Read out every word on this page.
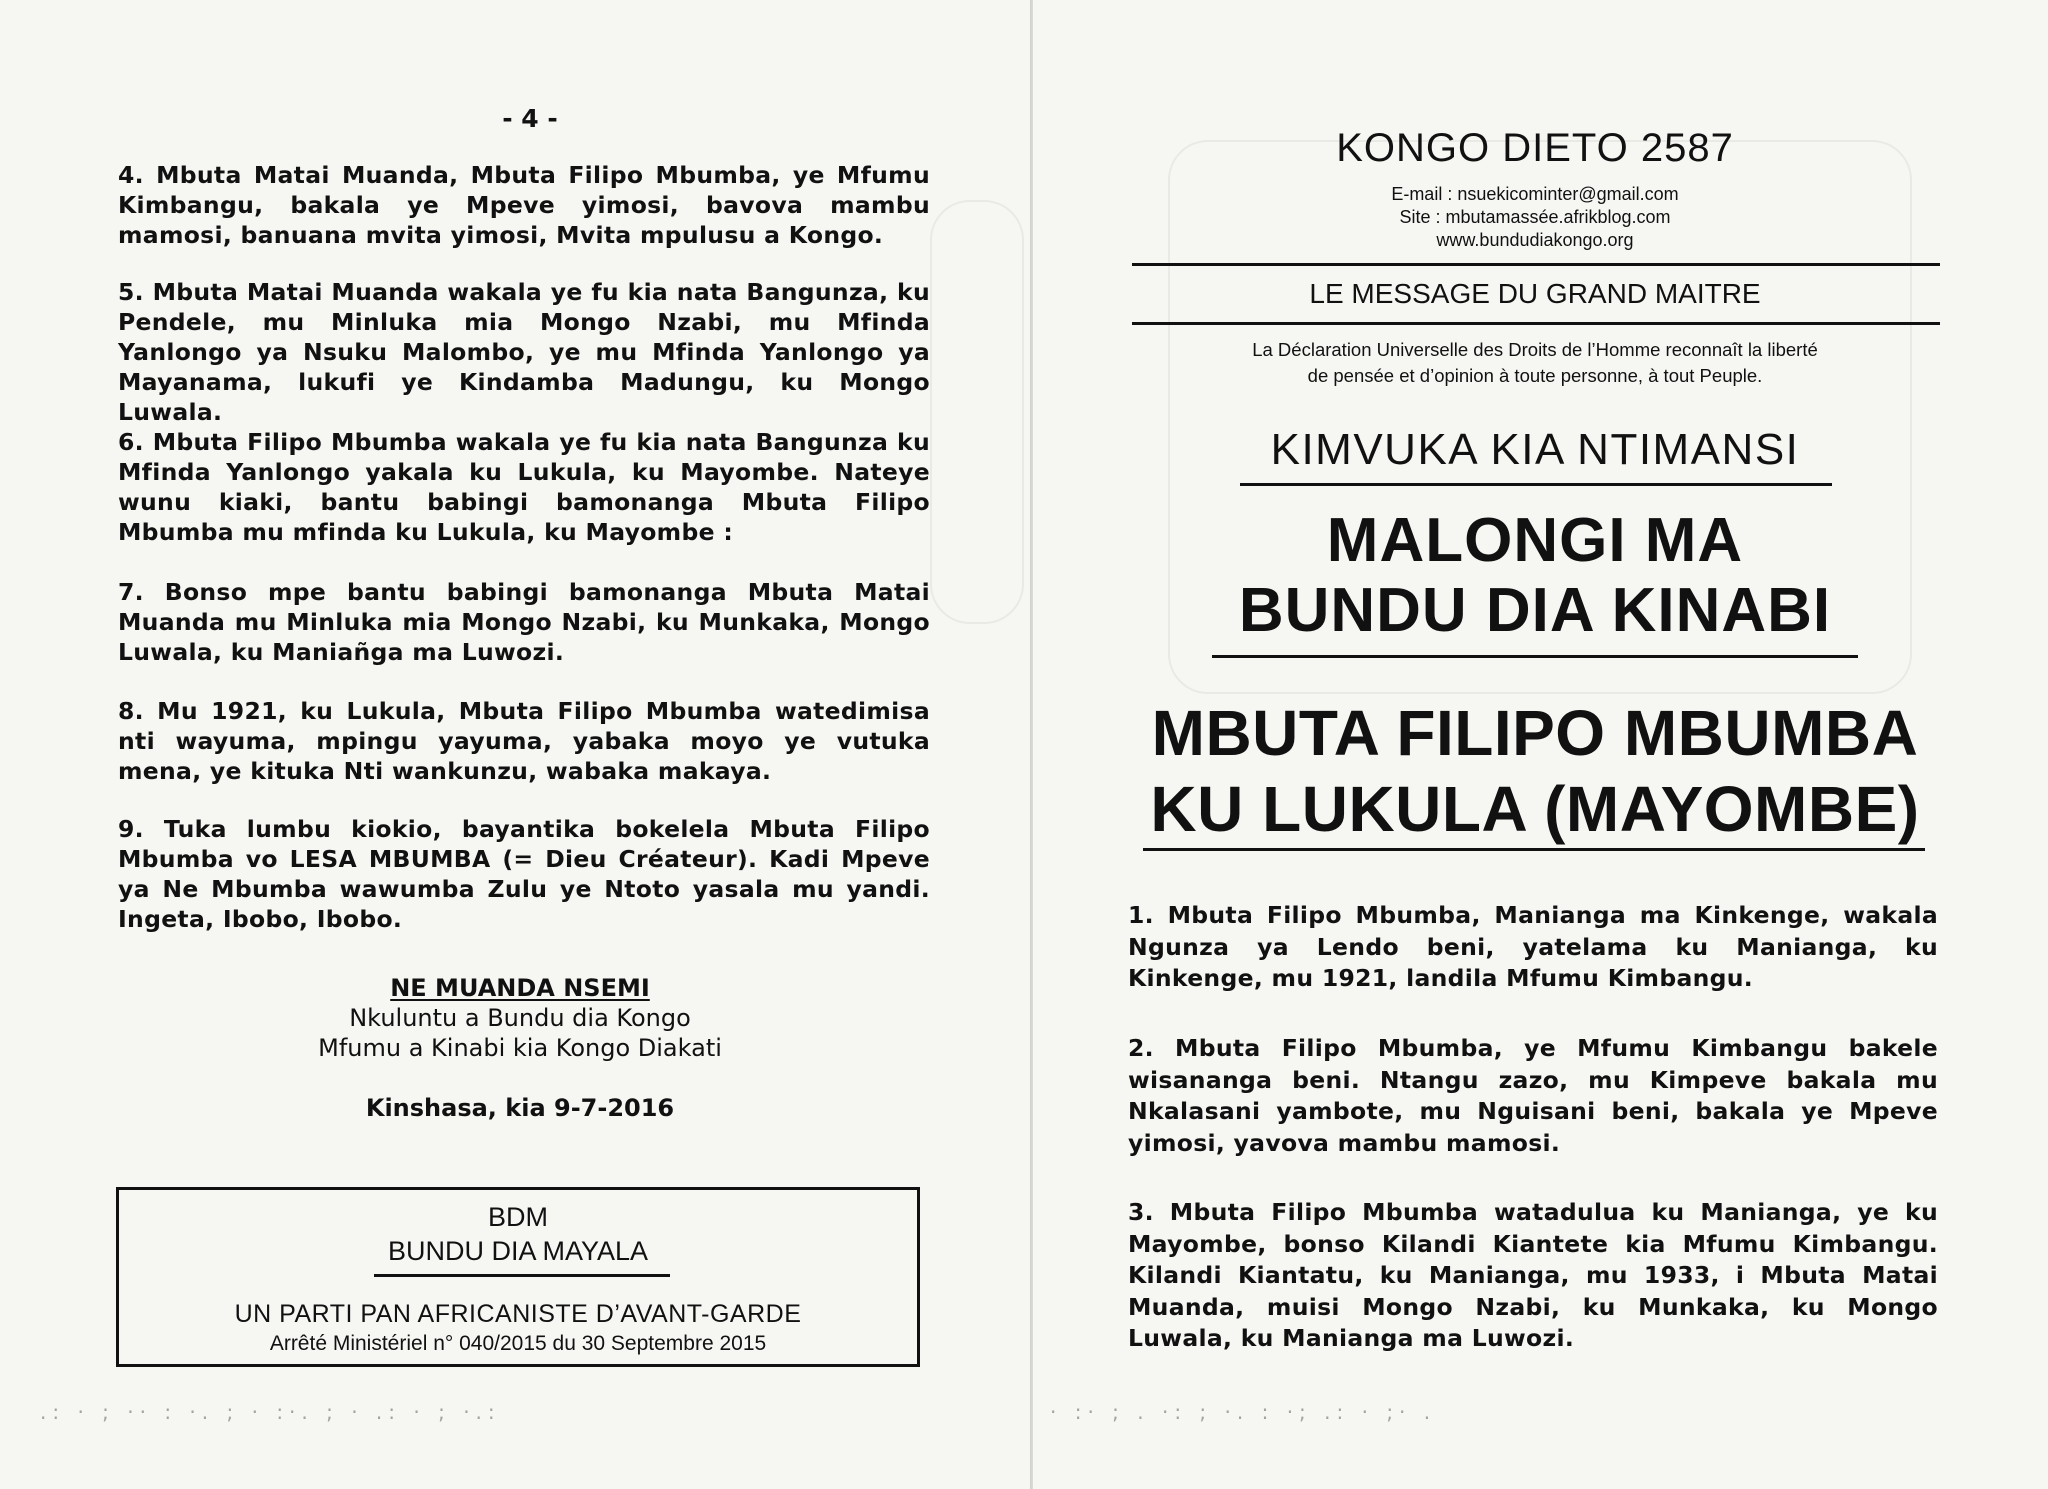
- 4 -

4. Mbuta Matai Muanda, Mbuta Filipo Mbumba, ye Mfumu Kimbangu, bakala ye Mpeve yimosi, bavova mambu mamosi, banuana mvita yimosi, Mvita mpulusu a Kongo.

5. Mbuta Matai Muanda wakala ye fu kia nata Bangunza, ku Pendele, mu Minluka mia Mongo Nzabi, mu Mfinda Yanlongo ya Nsuku Malombo, ye mu Mfinda Yanlongo ya Mayanama, lukufi ye Kindamba Madungu, ku Mongo Luwala.

6. Mbuta Filipo Mbumba wakala ye fu kia nata Bangunza ku Mfinda Yanlongo yakala ku Lukula, ku Mayombe. Nateye wunu kiaki, bantu babingi bamonanga Mbuta Filipo Mbumba mu mfinda ku Lukula, ku Mayombe :

7. Bonso mpe bantu babingi bamonanga Mbuta Matai Muanda mu Minluka mia Mongo Nzabi, ku Munkaka, Mongo Luwala, ku Maniañga ma Luwozi.

8. Mu 1921, ku Lukula, Mbuta Filipo Mbumba watedimisa nti wayuma, mpingu yayuma, yabaka moyo ye vutuka mena, ye kituka Nti wankunzu, wabaka makaya.

9. Tuka lumbu kiokio, bayantika bokelela Mbuta Filipo Mbumba vo LESA MBUMBA (= Dieu Créateur). Kadi Mpeve ya Ne Mbumba wawumba Zulu ye Ntoto yasala mu yandi. Ingeta, Ibobo, Ibobo.

NE MUANDA NSEMI
Nkuluntu a Bundu dia Kongo
Mfumu a Kinabi kia Kongo Diakati
Kinshasa, kia 9-7-2016
BDM
BUNDU DIA MAYALA
UN PARTI PAN AFRICANISTE D’AVANT-GARDE
Arrêté Ministériel n° 040/2015 du 30 Septembre 2015
.: · ; ·· : ·. ; · :·. ; · .: · ; ·.:
KONGO DIETO 2587
E-mail : nsuekicominter@gmail.com
Site : mbutamassée.afrikblog.com
www.bundudiakongo.org
LE MESSAGE DU GRAND MAITRE
La Déclaration Universelle des Droits de l’Homme reconnaît la liberté
de pensée et d’opinion à toute personne, à tout Peuple.
KIMVUKA KIA NTIMANSI
MALONGI MA
BUNDU DIA KINABI
MBUTA FILIPO MBUMBA
KU LUKULA (MAYOMBE)

1. Mbuta Filipo Mbumba, Manianga ma Kinkenge, wakala Ngunza ya Lendo beni, yatelama ku Manianga, ku Kinkenge, mu 1921, landila Mfumu Kimbangu.

2. Mbuta Filipo Mbumba, ye Mfumu Kimbangu bakele wisananga beni. Ntangu zazo, mu Kimpeve bakala mu Nkalasani yambote, mu Nguisani beni, bakala ye Mpeve yimosi, yavova mambu mamosi.

3. Mbuta Filipo Mbumba watadulua ku Manianga, ye ku Mayombe, bonso Kilandi Kiantete kia Mfumu Kimbangu. Kilandi Kiantatu, ku Manianga, mu 1933, i Mbuta Matai Muanda, muisi Mongo Nzabi, ku Munkaka, ku Mongo Luwala, ku Manianga ma Luwozi.

· :· ; . ·: ; ·. : ·; .: · ;· .
